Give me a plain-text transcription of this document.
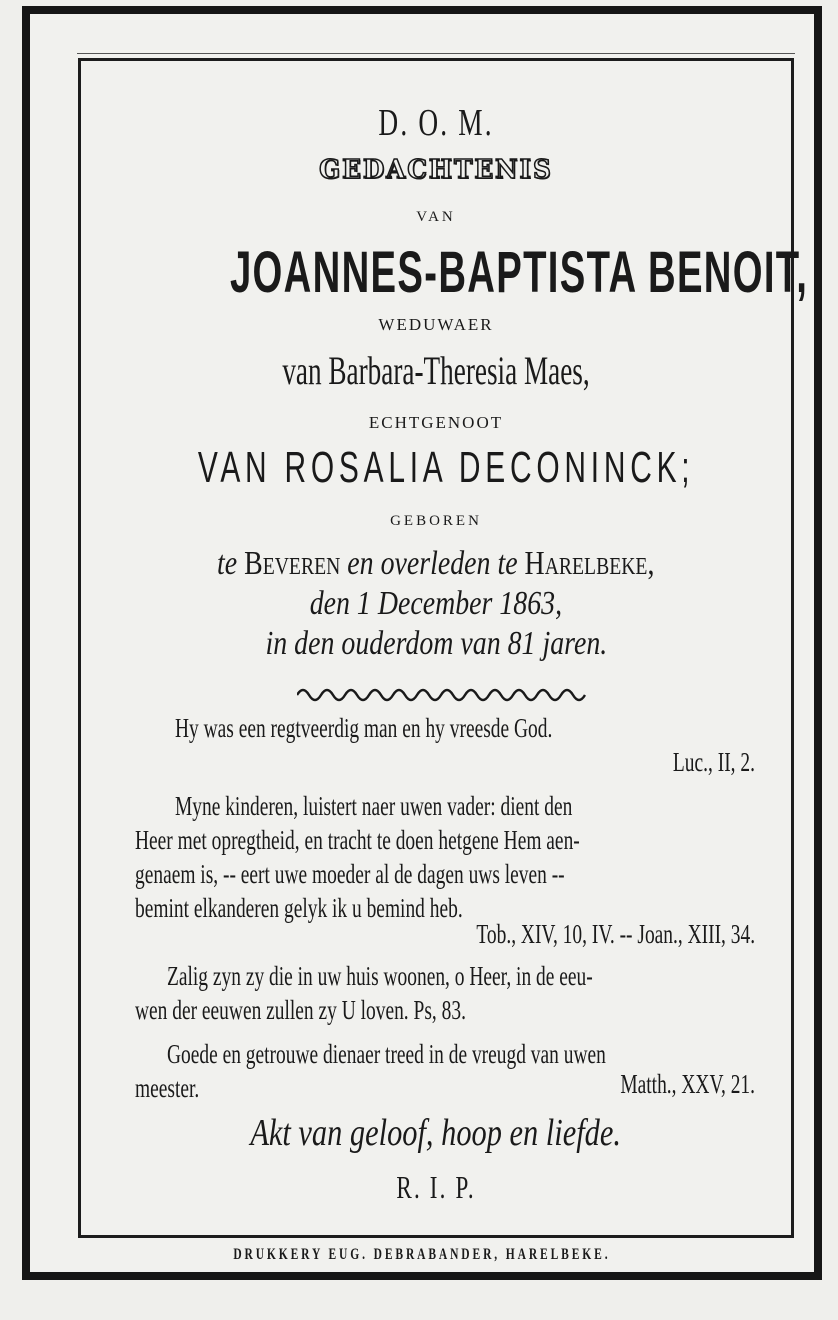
D. O. M.
GEDACHTENIS
VAN
JOANNES-BAPTISTA BENOIT,
WEDUWAER
van Barbara-Theresia Maes,
ECHTGENOOT
VAN ROSALIA DECONINCK;
GEBOREN
te Beveren en overleden te Harelbeke,
den 1 December 1863,
in den ouderdom van 81 jaren.
Hy was een regtveerdig man en hy vreesde God.
Luc., II, 2.
Myne kinderen, luistert naer uwen vader: dient den
Heer met opregtheid, en tracht te doen hetgene Hem aen-
genaem is, -- eert uwe moeder al de dagen uws leven --
bemint elkanderen gelyk ik u bemind heb.
Tob., XIV, 10, IV. -- Joan., XIII, 34.
Zalig zyn zy die in uw huis woonen, o Heer, in de eeu-
wen der eeuwen zullen zy U loven. Ps, 83.
Goede en getrouwe dienaer treed in de vreugd van uwen
meester.	Matth., XXV, 21.
Akt van geloof, hoop en liefde.
R. I. P.
DRUKKERY EUG. DEBRABANDER, HARELBEKE.
